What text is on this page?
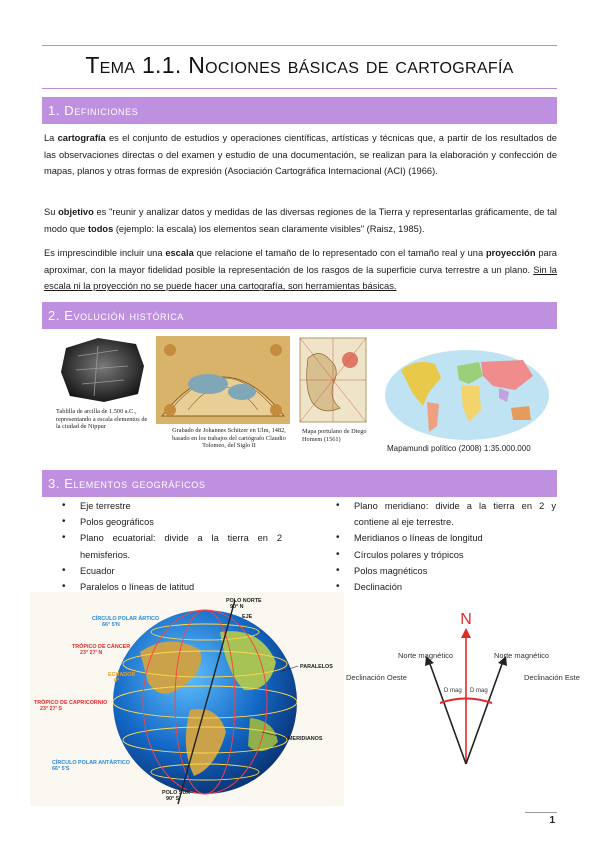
Tema 1.1. Nociones básicas de cartografía
1. Definiciones
La cartografía es el conjunto de estudios y operaciones científicas, artísticas y técnicas que, a partir de los resultados de las observaciones directas o del examen y estudio de una documentación, se realizan para la elaboración y confección de mapas, planos y otras formas de expresión (Asociación Cartográfica Internacional (ACI) (1966).
Su objetivo es "reunir y analizar datos y medidas de las diversas regiones de la Tierra y representarlas gráficamente, de tal modo que todos (ejemplo: la escala) los elementos sean claramente visibles" (Raisz, 1985).
Es imprescindible incluir una escala que relacione el tamaño de lo representado con el tamaño real y una proyección para aproximar, con la mayor fidelidad posible la representación de los rasgos de la superficie curva terrestre a un plano. Sin la escala ni la proyección no se puede hacer una cartografía, son herramientas básicas.
2. Evolución histórica
Tablilla de arcilla de 1.500 a.C., representando a escala elementos de la ciudad de Nippur
Grabado de Johannes Schitzer en Ulm, 1482, basado en los trabajos del cartógrafo Claudio Tolomeo, del Siglo II
Mapa portulano de Diego Homem (1561)
Mapamundi político (2008) 1:35.000.000
3. Elementos geográficos
• Eje terrestre
• Polos geográficos
• Plano ecuatorial: divide a la tierra en 2 hemisferios.
• Ecuador
• Paralelos o líneas de latitud
• Plano meridiano: divide a la tierra en 2 y contiene al eje terrestre.
• Meridianos o líneas de longitud
• Círculos polares y trópicos
• Polos magnéticos
• Declinación
POLO NORTE
90° N
EJE
CÍRCULO POLAR ÁRTICO
66° 5'N
TRÓPICO DE CÁNCER
23° 27' N
ECUADOR
0°
TRÓPICO DE CAPRICORNIO
23° 27' S
CÍRCULO POLAR ANTÁRTICO
66° 5'S
POLO SUR
90° S
PARALELOS
MERIDIANOS
N
Norte magnético	Norte magnético
Declinación Oeste	Declinación Este
D mag D mag
1
